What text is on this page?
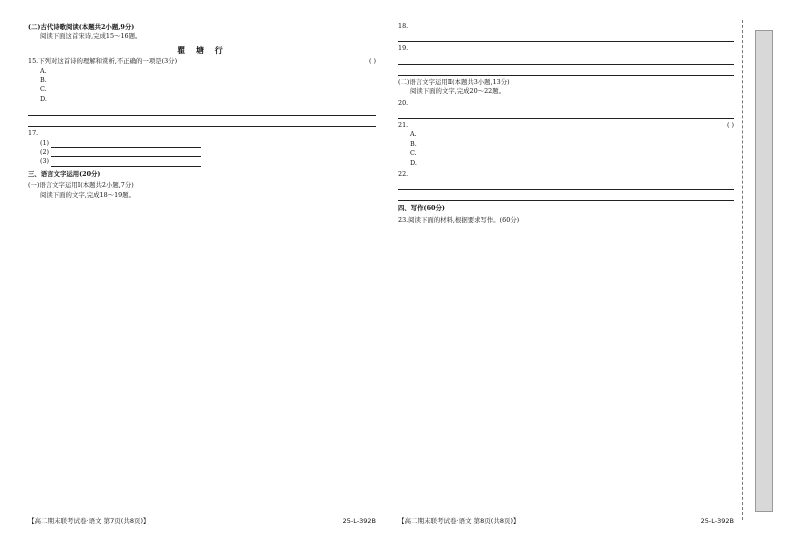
(二)古代诗歌阅读(本题共2小题,9分)
阅读下面这首宋诗,完成15～16题。
瞿 塘 行
15.下列对这首诗的理解和赏析,不正确的一项是(3分)	( )
A.
B.
C.
D.
17.
(1)
(2)
(3)
三、语言文字运用(20分)
(一)语言文字运用Ⅰ(本题共2小题,7分)
阅读下面的文字,完成18～19题。
【高二期末联考试卷·语文 第7页(共8页)】	25-L-392B
18.
19.
(二)语言文字运用Ⅱ(本题共3小题,13分)
阅读下面的文字,完成20～22题。
20.
21.	( )
A.
B.
C.
D.
22.
四、写作(60分)
23.阅读下面的材料,根据要求写作。(60分)
【高二期末联考试卷·语文 第8页(共8页)】	25-L-392B
